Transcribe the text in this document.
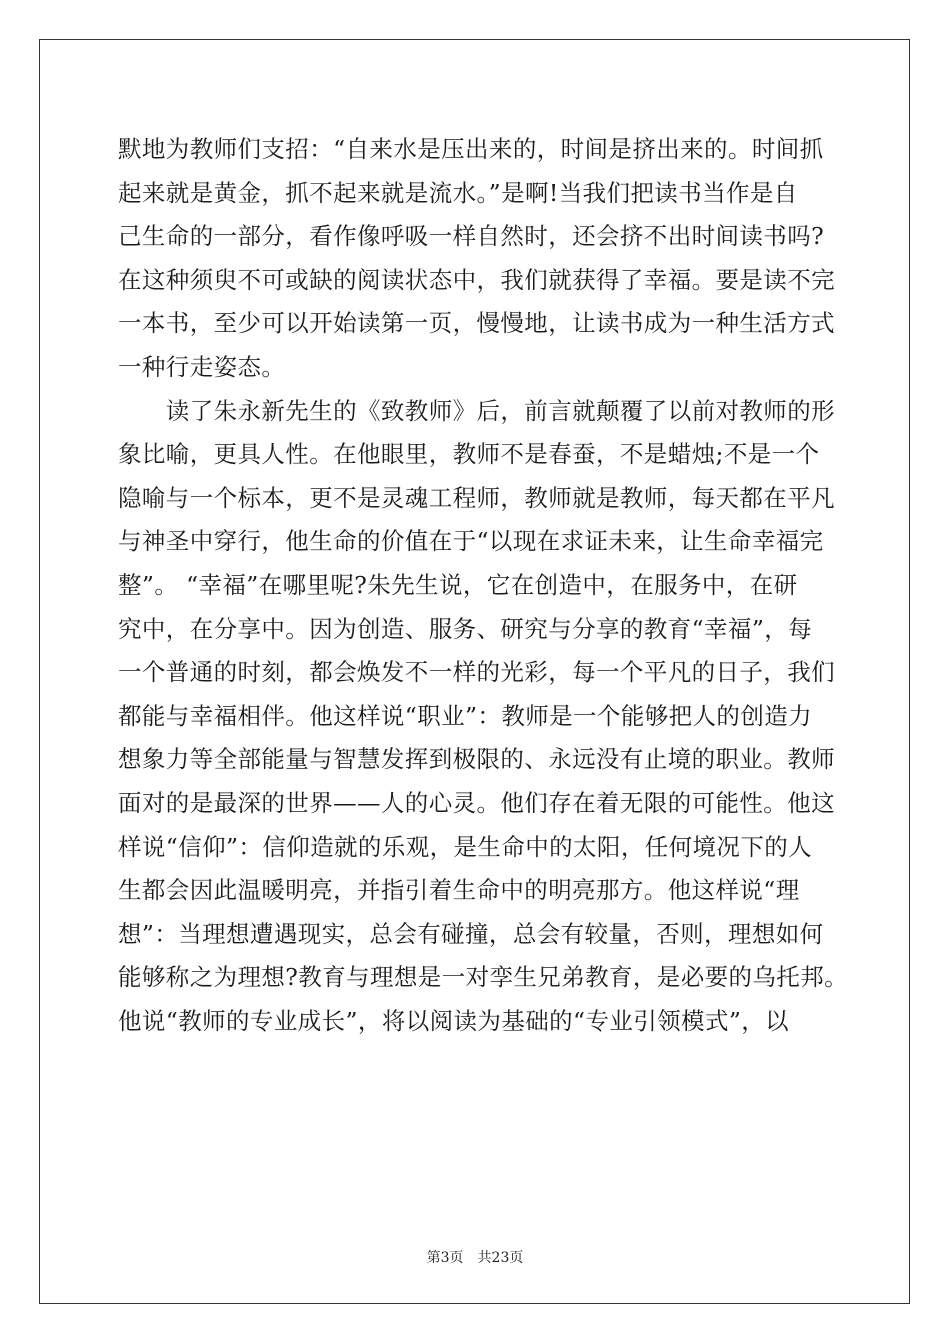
默地为教师们支招：“自来水是压出来的，时间是挤出来的。时间抓
起来就是黄金，抓不起来就是流水。”是啊!当我们把读书当作是自
己生命的一部分，看作像呼吸一样自然时，还会挤不出时间读书吗?
在这种须臾不可或缺的阅读状态中，我们就获得了幸福。要是读不完
一本书，至少可以开始读第一页，慢慢地，让读书成为一种生活方式
一种行走姿态。
　　读了朱永新先生的《致教师》后，前言就颠覆了以前对教师的形
象比喻，更具人性。在他眼里，教师不是春蚕，不是蜡烛;不是一个
隐喻与一个标本，更不是灵魂工程师，教师就是教师，每天都在平凡
与神圣中穿行，他生命的价值在于“以现在求证未来，让生命幸福完
整”。 “幸福”在哪里呢?朱先生说，它在创造中，在服务中，在研
究中，在分享中。因为创造、服务、研究与分享的教育“幸福”，每
一个普通的时刻，都会焕发不一样的光彩，每一个平凡的日子，我们
都能与幸福相伴。他这样说“职业”：教师是一个能够把人的创造力
想象力等全部能量与智慧发挥到极限的、永远没有止境的职业。教师
面对的是最深的世界——人的心灵。他们存在着无限的可能性。他这
样说“信仰”：信仰造就的乐观，是生命中的太阳，任何境况下的人
生都会因此温暖明亮，并指引着生命中的明亮那方。他这样说“理
想”：当理想遭遇现实，总会有碰撞，总会有较量，否则，理想如何
能够称之为理想?教育与理想是一对孪生兄弟教育，是必要的乌托邦。
他说“教师的专业成长”，将以阅读为基础的“专业引领模式”，以
第3页　共23页
